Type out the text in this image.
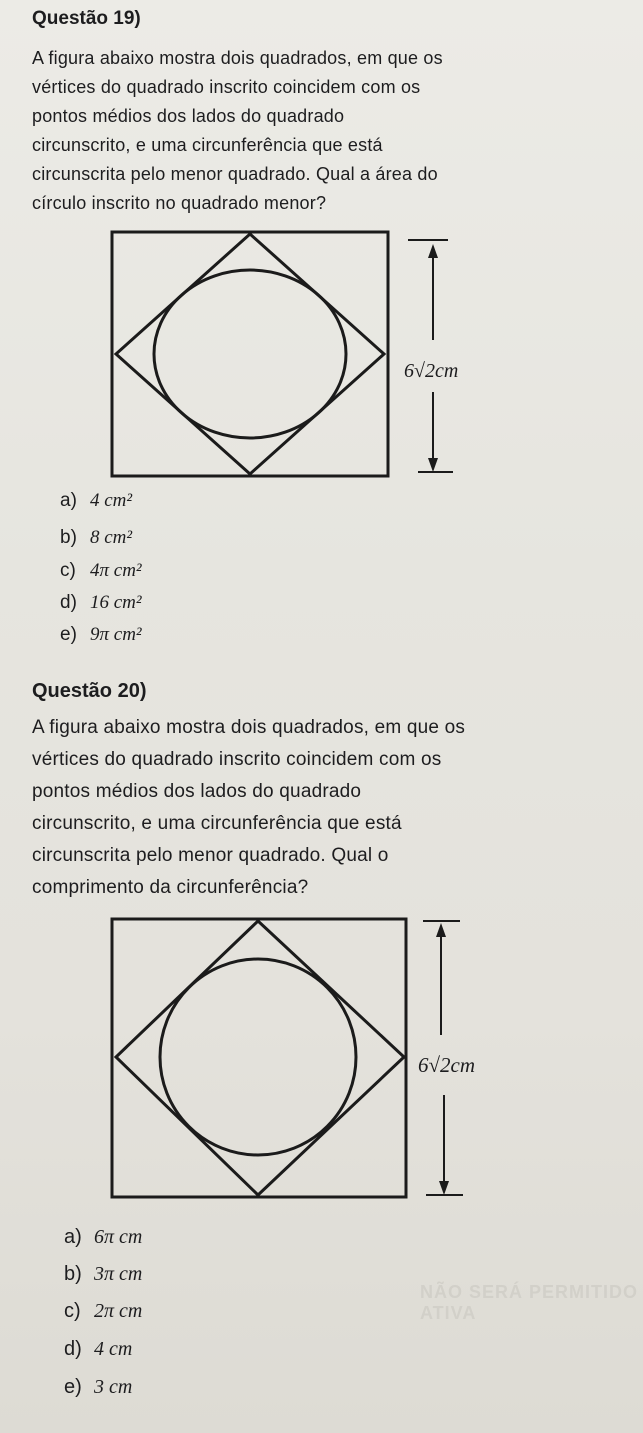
Questão 19)
A figura abaixo mostra dois quadrados, em que os
vértices do quadrado inscrito coincidem com os
pontos médios dos lados do quadrado
circunscrito, e uma circunferência que está
circunscrita pelo menor quadrado. Qual a área do
círculo inscrito no quadrado menor?
6√2cm
a) 4 cm²
b) 8 cm²
c) 4π cm²
d) 16 cm²
e) 9π cm²
Questão 20)
A figura abaixo mostra dois quadrados, em que os
vértices do quadrado inscrito coincidem com os
pontos médios dos lados do quadrado
circunscrito, e uma circunferência que está
circunscrita pelo menor quadrado. Qual o
comprimento da circunferência?
6√2cm
a) 6π cm
b) 3π cm
c) 2π cm
d) 4 cm
e) 3 cm
NÃO SERÁ PERMITIDO ATIVA
